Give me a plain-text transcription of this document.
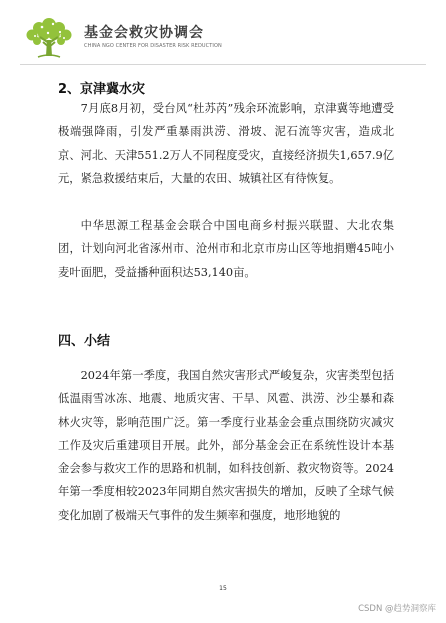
基金会救灾协调会
CHINA NGO CENTER FOR DISASTER RISK REDUCTION
2、京津冀水灾

7月底8月初，受台风“杜苏芮”残余环流影响，京津冀等地遭受极端强降雨，引发严重暴雨洪涝、滑坡、泥石流等灾害，造成北京、河北、天津551.2万人不同程度受灾，直接经济损失1,657.9亿元，紧急救援结束后，大量的农田、城镇社区有待恢复。

中华思源工程基金会联合中国电商乡村振兴联盟、大北农集团，计划向河北省涿州市、沧州市和北京市房山区等地捐赠45吨小麦叶面肥，受益播种面积达53,140亩。

四、小结

2024年第一季度，我国自然灾害形式严峻复杂，灾害类型包括低温雨雪冰冻、地震、地质灾害、干旱、风雹、洪涝、沙尘暴和森林火灾等，影响范围广泛。第一季度行业基金会重点围绕防灾减灾工作及灾后重建项目开展。此外，部分基金会正在系统性设计本基金会参与救灾工作的思路和机制，如科技创新、救灾物资等。2024年第一季度相较2023年同期自然灾害损失的增加，反映了全球气候变化加剧了极端天气事件的发生频率和强度，地形地貌的

15
CSDN @趋势洞察库
